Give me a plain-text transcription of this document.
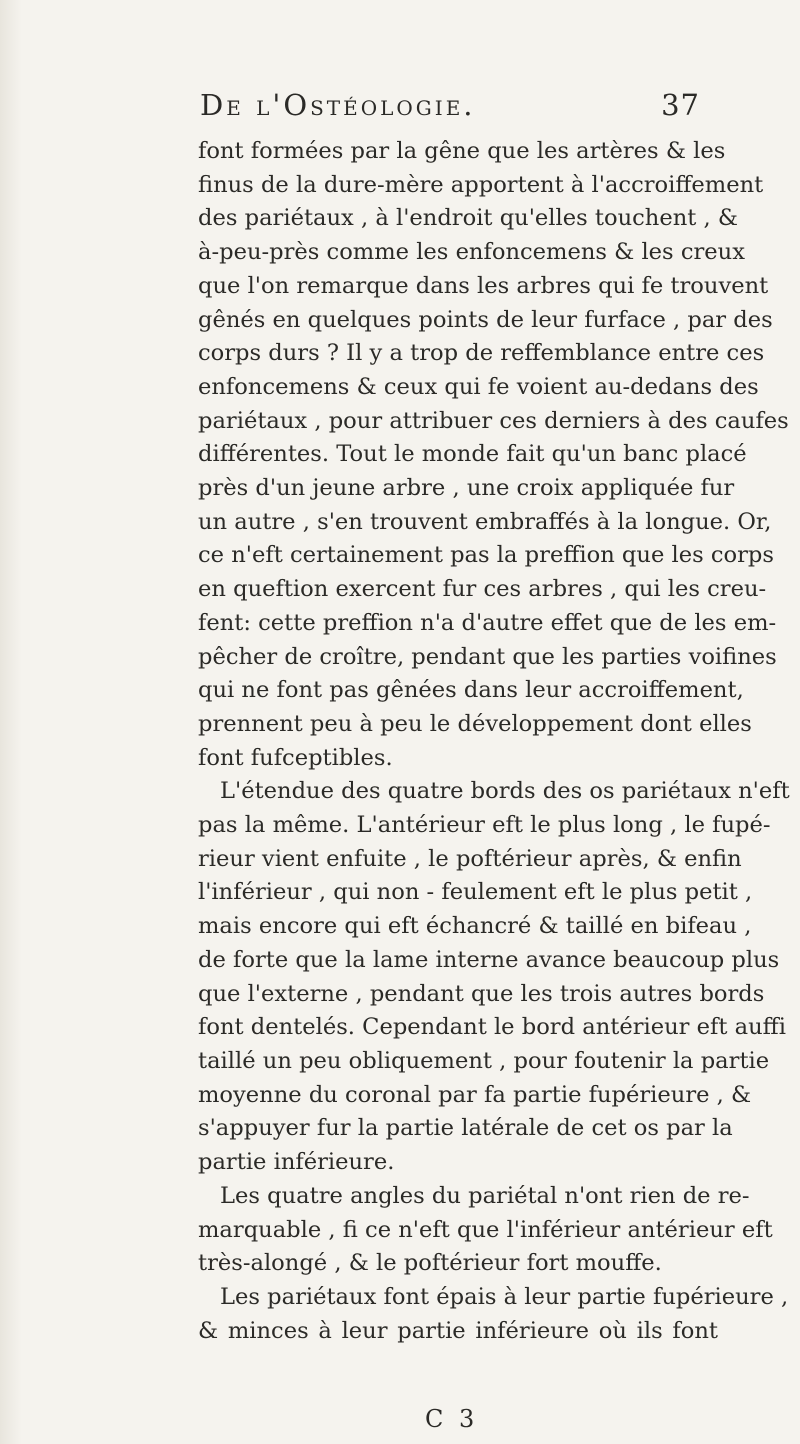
De l'Ostéologie.	37
font formées par la gêne que les artères & les
finus de la dure-mère apportent à l'accroiffement
des pariétaux , à l'endroit qu'elles touchent , &
à-peu-près comme les enfoncemens & les creux
que l'on remarque dans les arbres qui fe trouvent
gênés en quelques points de leur furface , par des
corps durs ? Il y a trop de reffemblance entre ces
enfoncemens & ceux qui fe voient au-dedans des
pariétaux , pour attribuer ces derniers à des caufes
différentes. Tout le monde fait qu'un banc placé
près d'un jeune arbre , une croix appliquée fur
un autre , s'en trouvent embraffés à la longue. Or,
ce n'eft certainement pas la preffion que les corps
en queftion exercent fur ces arbres , qui les creu-
fent: cette preffion n'a d'autre effet que de les em-
pêcher de croître, pendant que les parties voifines
qui ne font pas gênées dans leur accroiffement,
prennent peu à peu le développement dont elles
font fufceptibles.
L'étendue des quatre bords des os pariétaux n'eft
pas la même. L'antérieur eft le plus long , le fupé-
rieur vient enfuite , le poftérieur après, & enfin
l'inférieur , qui non - feulement eft le plus petit ,
mais encore qui eft échancré & taillé en bifeau ,
de forte que la lame interne avance beaucoup plus
que l'externe , pendant que les trois autres bords
font dentelés. Cependant le bord antérieur eft auffi
taillé un peu obliquement , pour foutenir la partie
moyenne du coronal par fa partie fupérieure , &
s'appuyer fur la partie latérale de cet os par la
partie inférieure.
Les quatre angles du pariétal n'ont rien de re-
marquable , fi ce n'eft que l'inférieur antérieur eft
très-alongé , & le poftérieur fort mouffe.
Les pariétaux font épais à leur partie fupérieure ,
& minces à leur partie inférieure où ils font
C 3
